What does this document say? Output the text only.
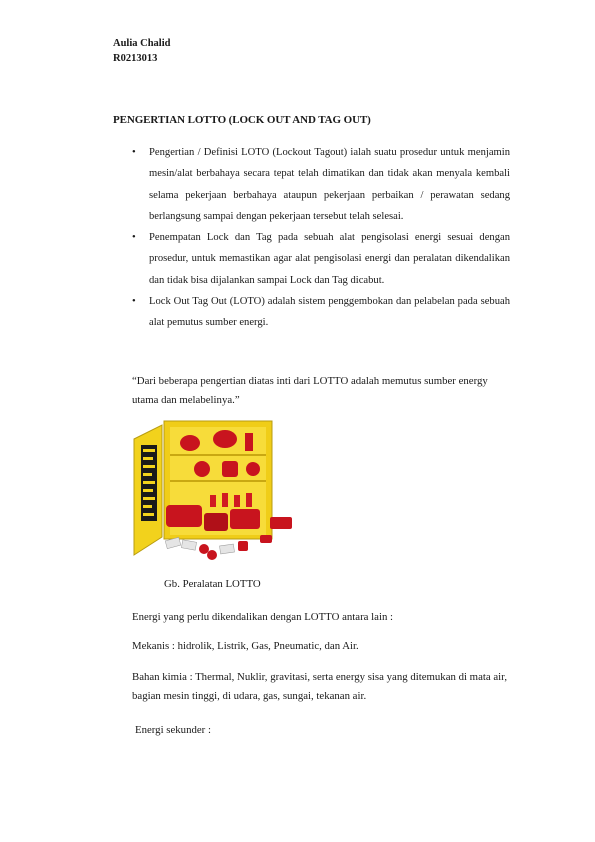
Aulia Chalid
R0213013
PENGERTIAN LOTTO (LOCK OUT AND TAG OUT)
• Pengertian / Definisi LOTO (Lockout Tagout) ialah suatu prosedur untuk menjamin mesin/alat berbahaya secara tepat telah dimatikan dan tidak akan menyala kembali selama pekerjaan berbahaya ataupun pekerjaan perbaikan / perawatan sedang berlangsung sampai dengan pekerjaan tersebut telah selesai.
• Penempatan Lock dan Tag pada sebuah alat pengisolasi energi sesuai dengan prosedur, untuk memastikan agar alat pengisolasi energi dan peralatan dikendalikan dan tidak bisa dijalankan sampai Lock dan Tag dicabut.
• Lock Out Tag Out (LOTO) adalah sistem penggembokan dan pelabelan pada sebuah alat pemutus sumber energi.
“Dari beberapa pengertian diatas inti dari LOTTO adalah memutus sumber energy utama dan melabelinya.”
Gb. Peralatan LOTTO
Energi yang perlu dikendalikan dengan LOTTO antara lain :
Mekanis : hidrolik, Listrik, Gas, Pneumatic, dan Air.
Bahan kimia : Thermal, Nuklir, gravitasi, serta energy sisa yang ditemukan di mata air, bagian mesin tinggi, di udara, gas, sungai, tekanan air.
Energi sekunder :
